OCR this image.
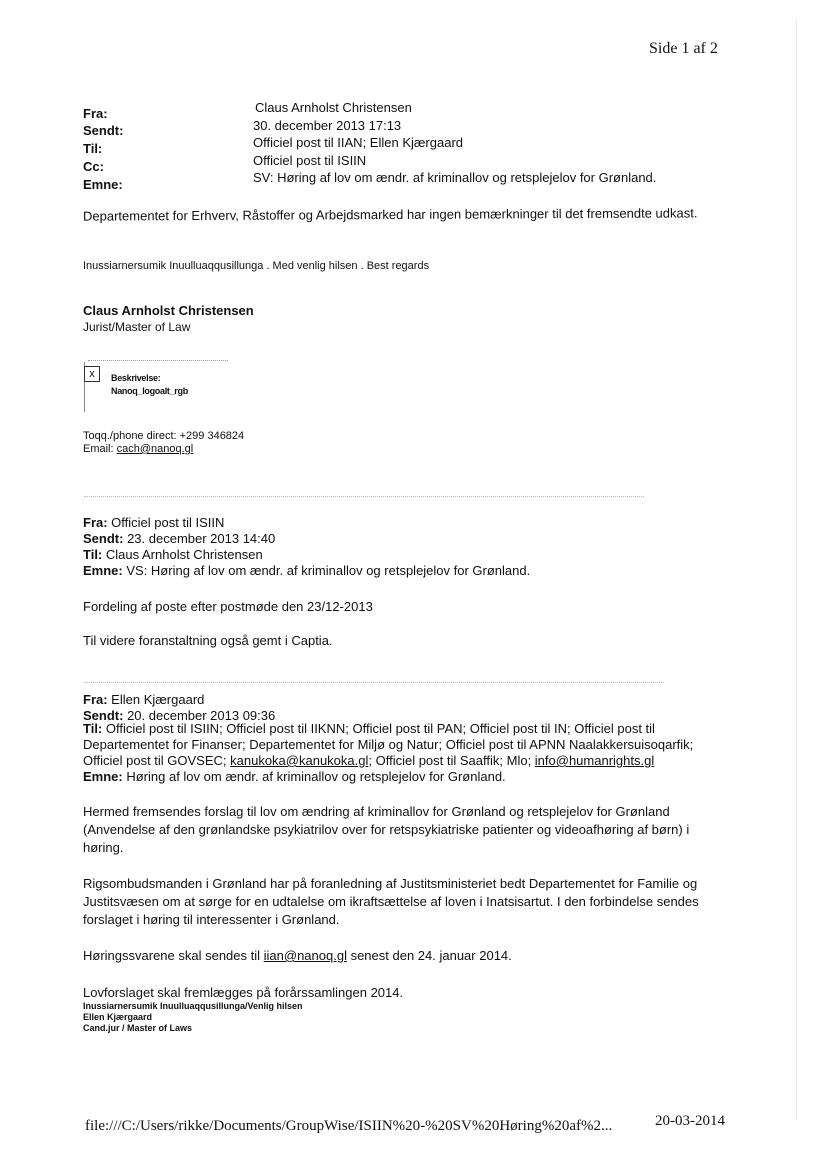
Side 1 af 2
Fra:	Claus Arnholst Christensen
Sendt:	30. december 2013 17:13
Til:	Officiel post til IIAN; Ellen Kjærgaard
Cc:	Officiel post til ISIIN
Emne:	SV: Høring af lov om ændr. af kriminallov og retsplejelov for Grønland.
Departementet for Erhverv, Råstoffer og Arbejdsmarked har ingen bemærkninger til det fremsendte udkast.
Inussiarnersumik Inuulluaqqusillunga . Med venlig hilsen . Best regards
Claus Arnholst Christensen
Jurist/Master of Law
x	Beskrivelse:
Nanoq_logoalt_rgb
Toqq./phone direct: +299 346824
Email: cach@nanoq.gl
Fra: Officiel post til ISIIN
Sendt: 23. december 2013 14:40
Til: Claus Arnholst Christensen
Emne: VS: Høring af lov om ændr. af kriminallov og retsplejelov for Grønland.
Fordeling af poste efter postmøde den 23/12-2013
Til videre foranstaltning også gemt i Captia.
Fra: Ellen Kjærgaard
Sendt: 20. december 2013 09:36
Til: Officiel post til ISIIN; Officiel post til IIKNN; Officiel post til PAN; Officiel post til IN; Officiel post til
Departementet for Finanser; Departementet for Miljø og Natur; Officiel post til APNN Naalakkersuisoqarfik;
Officiel post til GOVSEC; kanukoka@kanukoka.gl; Officiel post til Saaffik; Mlo; info@humanrights.gl
Emne: Høring af lov om ændr. af kriminallov og retsplejelov for Grønland.
Hermed fremsendes forslag til lov om ændring af kriminallov for Grønland og retsplejelov for Grønland
(Anvendelse af den grønlandske psykiatrilov over for retspsykiatriske patienter og videoafhøring af børn) i
høring.
Rigsombudsmanden i Grønland har på foranledning af Justitsministeriet bedt Departementet for Familie og
Justitsvæsen om at sørge for en udtalelse om ikraftsættelse af loven i Inatsisartut. I den forbindelse sendes
forslaget i høring til interessenter i Grønland.
Høringssvarene skal sendes til iian@nanoq.gl senest den 24. januar 2014.
Lovforslaget skal fremlægges på forårssamlingen 2014.
Inussiarnersumik Inuulluaqqusillunga/Venlig hilsen
Ellen Kjærgaard
Cand.jur / Master of Laws
file:///C:/Users/rikke/Documents/GroupWise/ISIIN%20-%20SV%20Høring%20af%2...	20-03-2014
